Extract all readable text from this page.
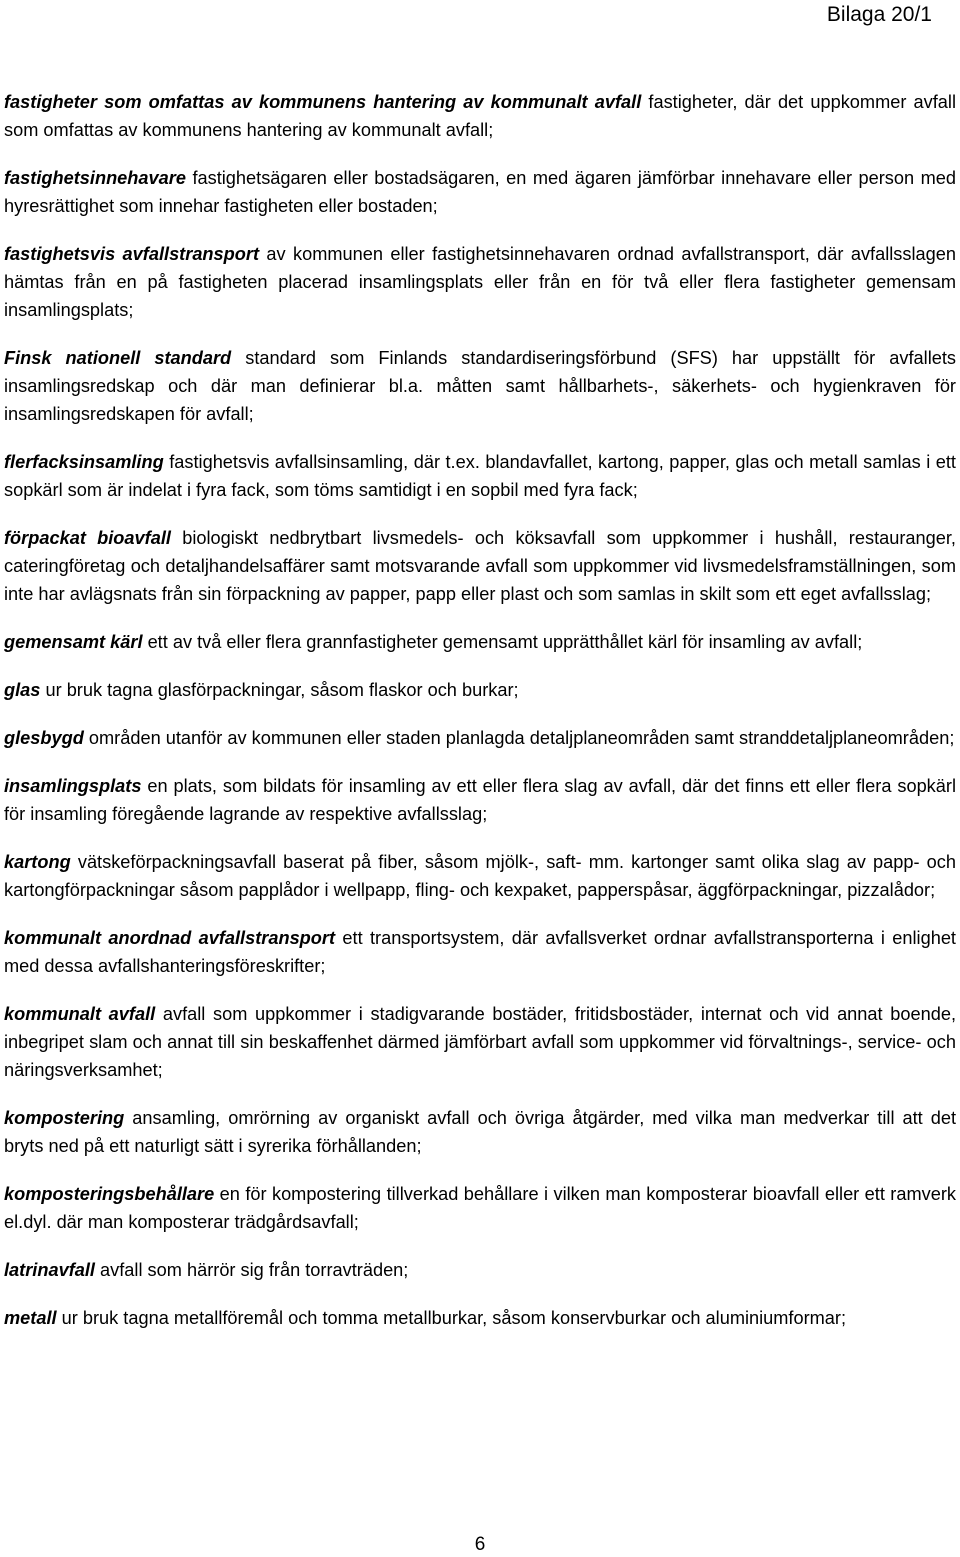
Bilaga 20/1

fastigheter som omfattas av kommunens hantering av kommunalt avfall fastigheter, där det uppkommer avfall som omfattas av kommunens hantering av kommunalt avfall;

fastighetsinnehavare fastighetsägaren eller bostadsägaren, en med ägaren jämförbar innehavare eller person med hyresrättighet som innehar fastigheten eller bostaden;

fastighetsvis avfallstransport av kommunen eller fastighetsinnehavaren ordnad avfallstransport, där avfallsslagen hämtas från en på fastigheten placerad insamlingsplats eller från en för två eller flera fastigheter gemensam insamlingsplats;

Finsk nationell standard standard som Finlands standardiseringsförbund (SFS) har uppställt för avfallets insamlingsredskap och där man definierar bl.a. måtten samt hållbarhets-, säkerhets- och hygienkraven för insamlingsredskapen för avfall;

flerfacksinsamling fastighetsvis avfallsinsamling, där t.ex. blandavfallet, kartong, papper, glas och metall samlas i ett sopkärl som är indelat i fyra fack, som töms samtidigt i en sopbil med fyra fack;

förpackat bioavfall biologiskt nedbrytbart livsmedels- och köksavfall som uppkommer i hushåll, restauranger, cateringföretag och detaljhandelsaffärer samt motsvarande avfall som uppkommer vid livsmedelsframställningen, som inte har avlägsnats från sin förpackning av papper, papp eller plast och som samlas in skilt som ett eget avfallsslag;

gemensamt kärl ett av två eller flera grannfastigheter gemensamt upprätthållet kärl för insamling av avfall;

glas ur bruk tagna glasförpackningar, såsom flaskor och burkar;

glesbygd områden utanför av kommunen eller staden planlagda detaljplaneområden samt stranddetaljplaneområden;

insamlingsplats en plats, som bildats för insamling av ett eller flera slag av avfall, där det finns ett eller flera sopkärl för insamling föregående lagrande av respektive avfallsslag;

kartong vätskeförpackningsavfall baserat på fiber, såsom mjölk-, saft- mm. kartonger samt olika slag av papp- och kartongförpackningar såsom papplådor i wellpapp, fling- och kexpaket, papperspåsar, äggförpackningar, pizzalådor;

kommunalt anordnad avfallstransport ett transportsystem, där avfallsverket ordnar avfallstransporterna i enlighet med dessa avfallshanteringsföreskrifter;

kommunalt avfall avfall som uppkommer i stadigvarande bostäder, fritidsbostäder, internat och vid annat boende, inbegripet slam och annat till sin beskaffenhet därmed jämförbart avfall som uppkommer vid förvaltnings-, service- och näringsverksamhet;

kompostering ansamling, omrörning av organiskt avfall och övriga åtgärder, med vilka man medverkar till att det bryts ned på ett naturligt sätt i syrerika förhållanden;

komposteringsbehållare en för kompostering tillverkad behållare i vilken man komposterar bioavfall eller ett ramverk el.dyl. där man komposterar trädgårdsavfall;

latrinavfall avfall som härrör sig från torravträden;

metall ur bruk tagna metallföremål och tomma metallburkar, såsom konservburkar och aluminiumformar;

6
